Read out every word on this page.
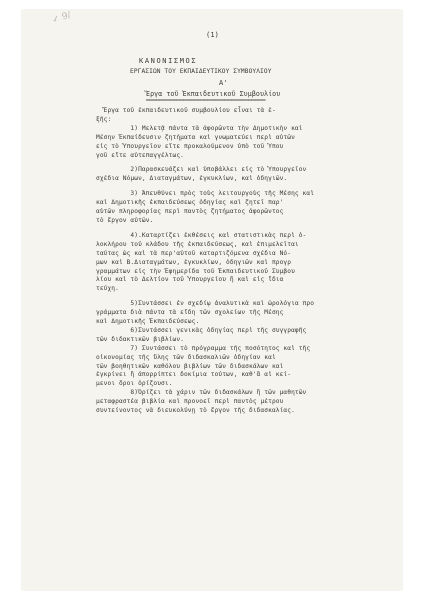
✓ 9/
(1)
ΚΑΝΟΝΙΣΜΟΣ
ΕΡΓΑΣΙΩΝ ΤΟΥ ΕΚΠΑΙΔΕΥΤΙΚΟΥ ΣΥΜΒΟΥΛΙΟΥ
Α'
Ἔργα τοῦ Ἐκπαιδευτικοῦ Συμβουλίου
═══════════════════════════════════

Ἔργα τοῦ ἐκπαιδευτικοῦ συμβουλίου εἶναι τὰ ἑ-

ξῆς:

1) Μελετᾷ πάντα τὰ ἀφορῶντα τὴν Δημοτικὴν καὶ

Μέσην Ἐκπαίδευσιν ζητήματα καὶ γνωματεύει περὶ αὐτῶν

εἰς τὸ Ὑπουργεῖον εἴτε προκαλούμενον ὑπὸ τοῦ Ὑπου

γοῦ εἴτε αὐτεπαγγέλτως.

2)Παρασκευάζει καὶ ὑποβάλλει εἰς τὸ Ὑπουργεῖον

σχέδια Νόμων, Διαταγμάτων, ἐγκυκλίων, καὶ ὁδηγιῶν.

3) Ἀπευθύνει πρὸς τοὺς λειτουργοὺς τῆς Μέσης καὶ

καὶ Δημοτικῆς ἐκπαιδεύσεως ὁδηγίας καὶ ζητεῖ παρ'

αὐτῶν πληροφορίας περὶ παντὸς ζητήματος ἀφορῶντος

τὸ ἔργον αὐτῶν.

4).Καταρτίζει ἐκθέσεις καὶ στατιστικὰς περὶ ὁ-

λοκλήρου τοῦ κλάδου τῆς ἐκπαιδεύσεως, καὶ ἐπιμελεῖται

ταύτας ὡς καὶ τὰ περ'αὐτοῦ καταρτιζόμενα σχέδια Νό-

μων καὶ Β.Διαταγμάτων, ἐγκυκλίων, ὁδηγιῶν καὶ προγρ

γραμμάτων εἰς τὴν Ἐφημερίδα τοῦ Ἐκπαιδευτικοῦ Συμβου

λίου καὶ τὸ Δελτίον τοῦ Ὑπουργείου ἢ καὶ εἰς ἴδια

τεύχη.

5)Συντάσσει ἐν σχεδίῳ ἀναλυτικὰ καὶ ὡρολόγια προ

γράμματα διὰ πάντα τὰ εἴδη τῶν σχολείων τῆς Μέσης

καὶ Δημοτικῆς Ἐκπαιδεύσεως.

6)Συντάσσει γενικὰς ὁδηγίας περὶ τῆς συγγραφῆς

τῶν διδακτικῶν βιβλίων.

7) Συντάσσει τὸ πρόγραμμα τῆς ποσότητος καὶ τῆς

οἰκονομίας τῆς ὕλης τῶν διδασκαλιῶν ὁδηγίαν καὶ

τῶν βοηθητικῶν καθόλου βιβλίων τῶν διδασκάλων καὶ

ἐγκρίνει ἢ ἀπορρίπτει δοκίμια τούτων, καθ'ἃ αἱ κεί-

μενοι ὅροι ὁρίζουσι.

8)Ὁρίζει τὰ χάριν τῶν διδασκάλων ἢ τῶν μαθητῶν

μεταφραστέα βιβλία καὶ προνοεῖ περὶ παντὸς μέτρου

συντείνοντος νὰ διευκολύνῃ τὸ ἔργον τῆς διδασκαλίας.
